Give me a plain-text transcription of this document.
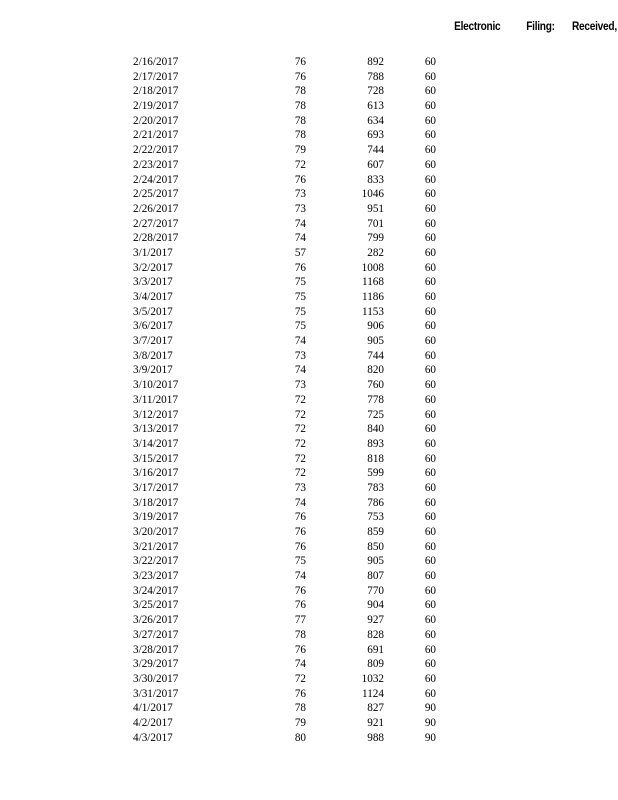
Electronic Filing: Received,
2/16/2017	76	892	60
2/17/2017	76	788	60
2/18/2017	78	728	60
2/19/2017	78	613	60
2/20/2017	78	634	60
2/21/2017	78	693	60
2/22/2017	79	744	60
2/23/2017	72	607	60
2/24/2017	76	833	60
2/25/2017	73	1046	60
2/26/2017	73	951	60
2/27/2017	74	701	60
2/28/2017	74	799	60
3/1/2017	57	282	60
3/2/2017	76	1008	60
3/3/2017	75	1168	60
3/4/2017	75	1186	60
3/5/2017	75	1153	60
3/6/2017	75	906	60
3/7/2017	74	905	60
3/8/2017	73	744	60
3/9/2017	74	820	60
3/10/2017	73	760	60
3/11/2017	72	778	60
3/12/2017	72	725	60
3/13/2017	72	840	60
3/14/2017	72	893	60
3/15/2017	72	818	60
3/16/2017	72	599	60
3/17/2017	73	783	60
3/18/2017	74	786	60
3/19/2017	76	753	60
3/20/2017	76	859	60
3/21/2017	76	850	60
3/22/2017	75	905	60
3/23/2017	74	807	60
3/24/2017	76	770	60
3/25/2017	76	904	60
3/26/2017	77	927	60
3/27/2017	78	828	60
3/28/2017	76	691	60
3/29/2017	74	809	60
3/30/2017	72	1032	60
3/31/2017	76	1124	60
4/1/2017	78	827	90
4/2/2017	79	921	90
4/3/2017	80	988	90
